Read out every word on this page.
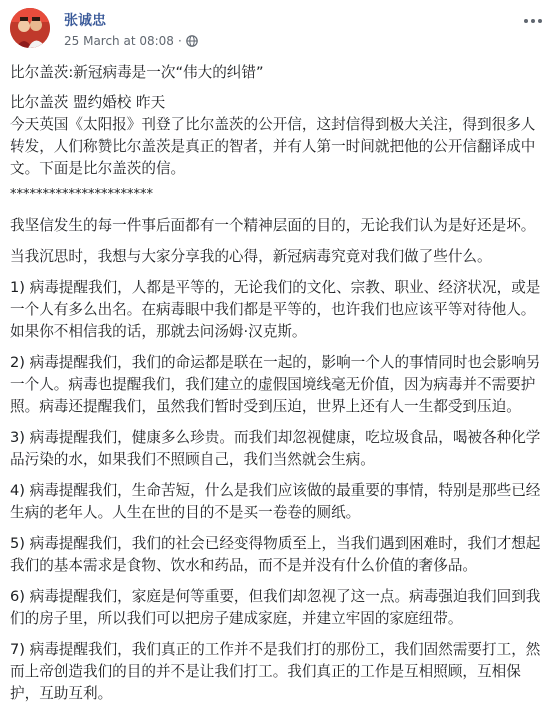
张诚忠
25 March at 08:08 ·

比尔盖茨:新冠病毒是一次“伟大的纠错”

比尔盖茨 盟约婚校 昨天

今天英国《太阳报》刊登了比尔盖茨的公开信，这封信得到极大关注，得到很多人转发，人们称赞比尔盖茨是真正的智者，并有人第一时间就把他的公开信翻译成中文。下面是比尔盖茨的信。

**********************

我坚信发生的每一件事后面都有一个精神层面的目的，无论我们认为是好还是坏。

当我沉思时，我想与大家分享我的心得，新冠病毒究竟对我们做了些什么。

1) 病毒提醒我们，人都是平等的，无论我们的文化、宗教、职业、经济状况，或是一个人有多么出名。在病毒眼中我们都是平等的，也许我们也应该平等对待他人。如果你不相信我的话，那就去问汤姆·汉克斯。

2) 病毒提醒我们，我们的命运都是联在一起的，影响一个人的事情同时也会影响另一个人。病毒也提醒我们，我们建立的虚假国境线毫无价值，因为病毒并不需要护照。病毒还提醒我们，虽然我们暂时受到压迫，世界上还有人一生都受到压迫。

3) 病毒提醒我们，健康多么珍贵。而我们却忽视健康，吃垃圾食品，喝被各种化学品污染的水，如果我们不照顾自己，我们当然就会生病。

4) 病毒提醒我们，生命苦短，什么是我们应该做的最重要的事情，特别是那些已经生病的老年人。人生在世的目的不是买一卷卷的厕纸。

5) 病毒提醒我们，我们的社会已经变得物质至上，当我们遇到困难时，我们才想起我们的基本需求是食物、饮水和药品，而不是并没有什么价值的奢侈品。

6) 病毒提醒我们，家庭是何等重要，但我们却忽视了这一点。病毒强迫我们回到我们的房子里，所以我们可以把房子建成家庭，并建立牢固的家庭纽带。

7) 病毒提醒我们，我们真正的工作并不是我们打的那份工，我们固然需要打工，然而上帝创造我们的目的并不是让我们打工。我们真正的工作是互相照顾，互相保护，互助互利。
